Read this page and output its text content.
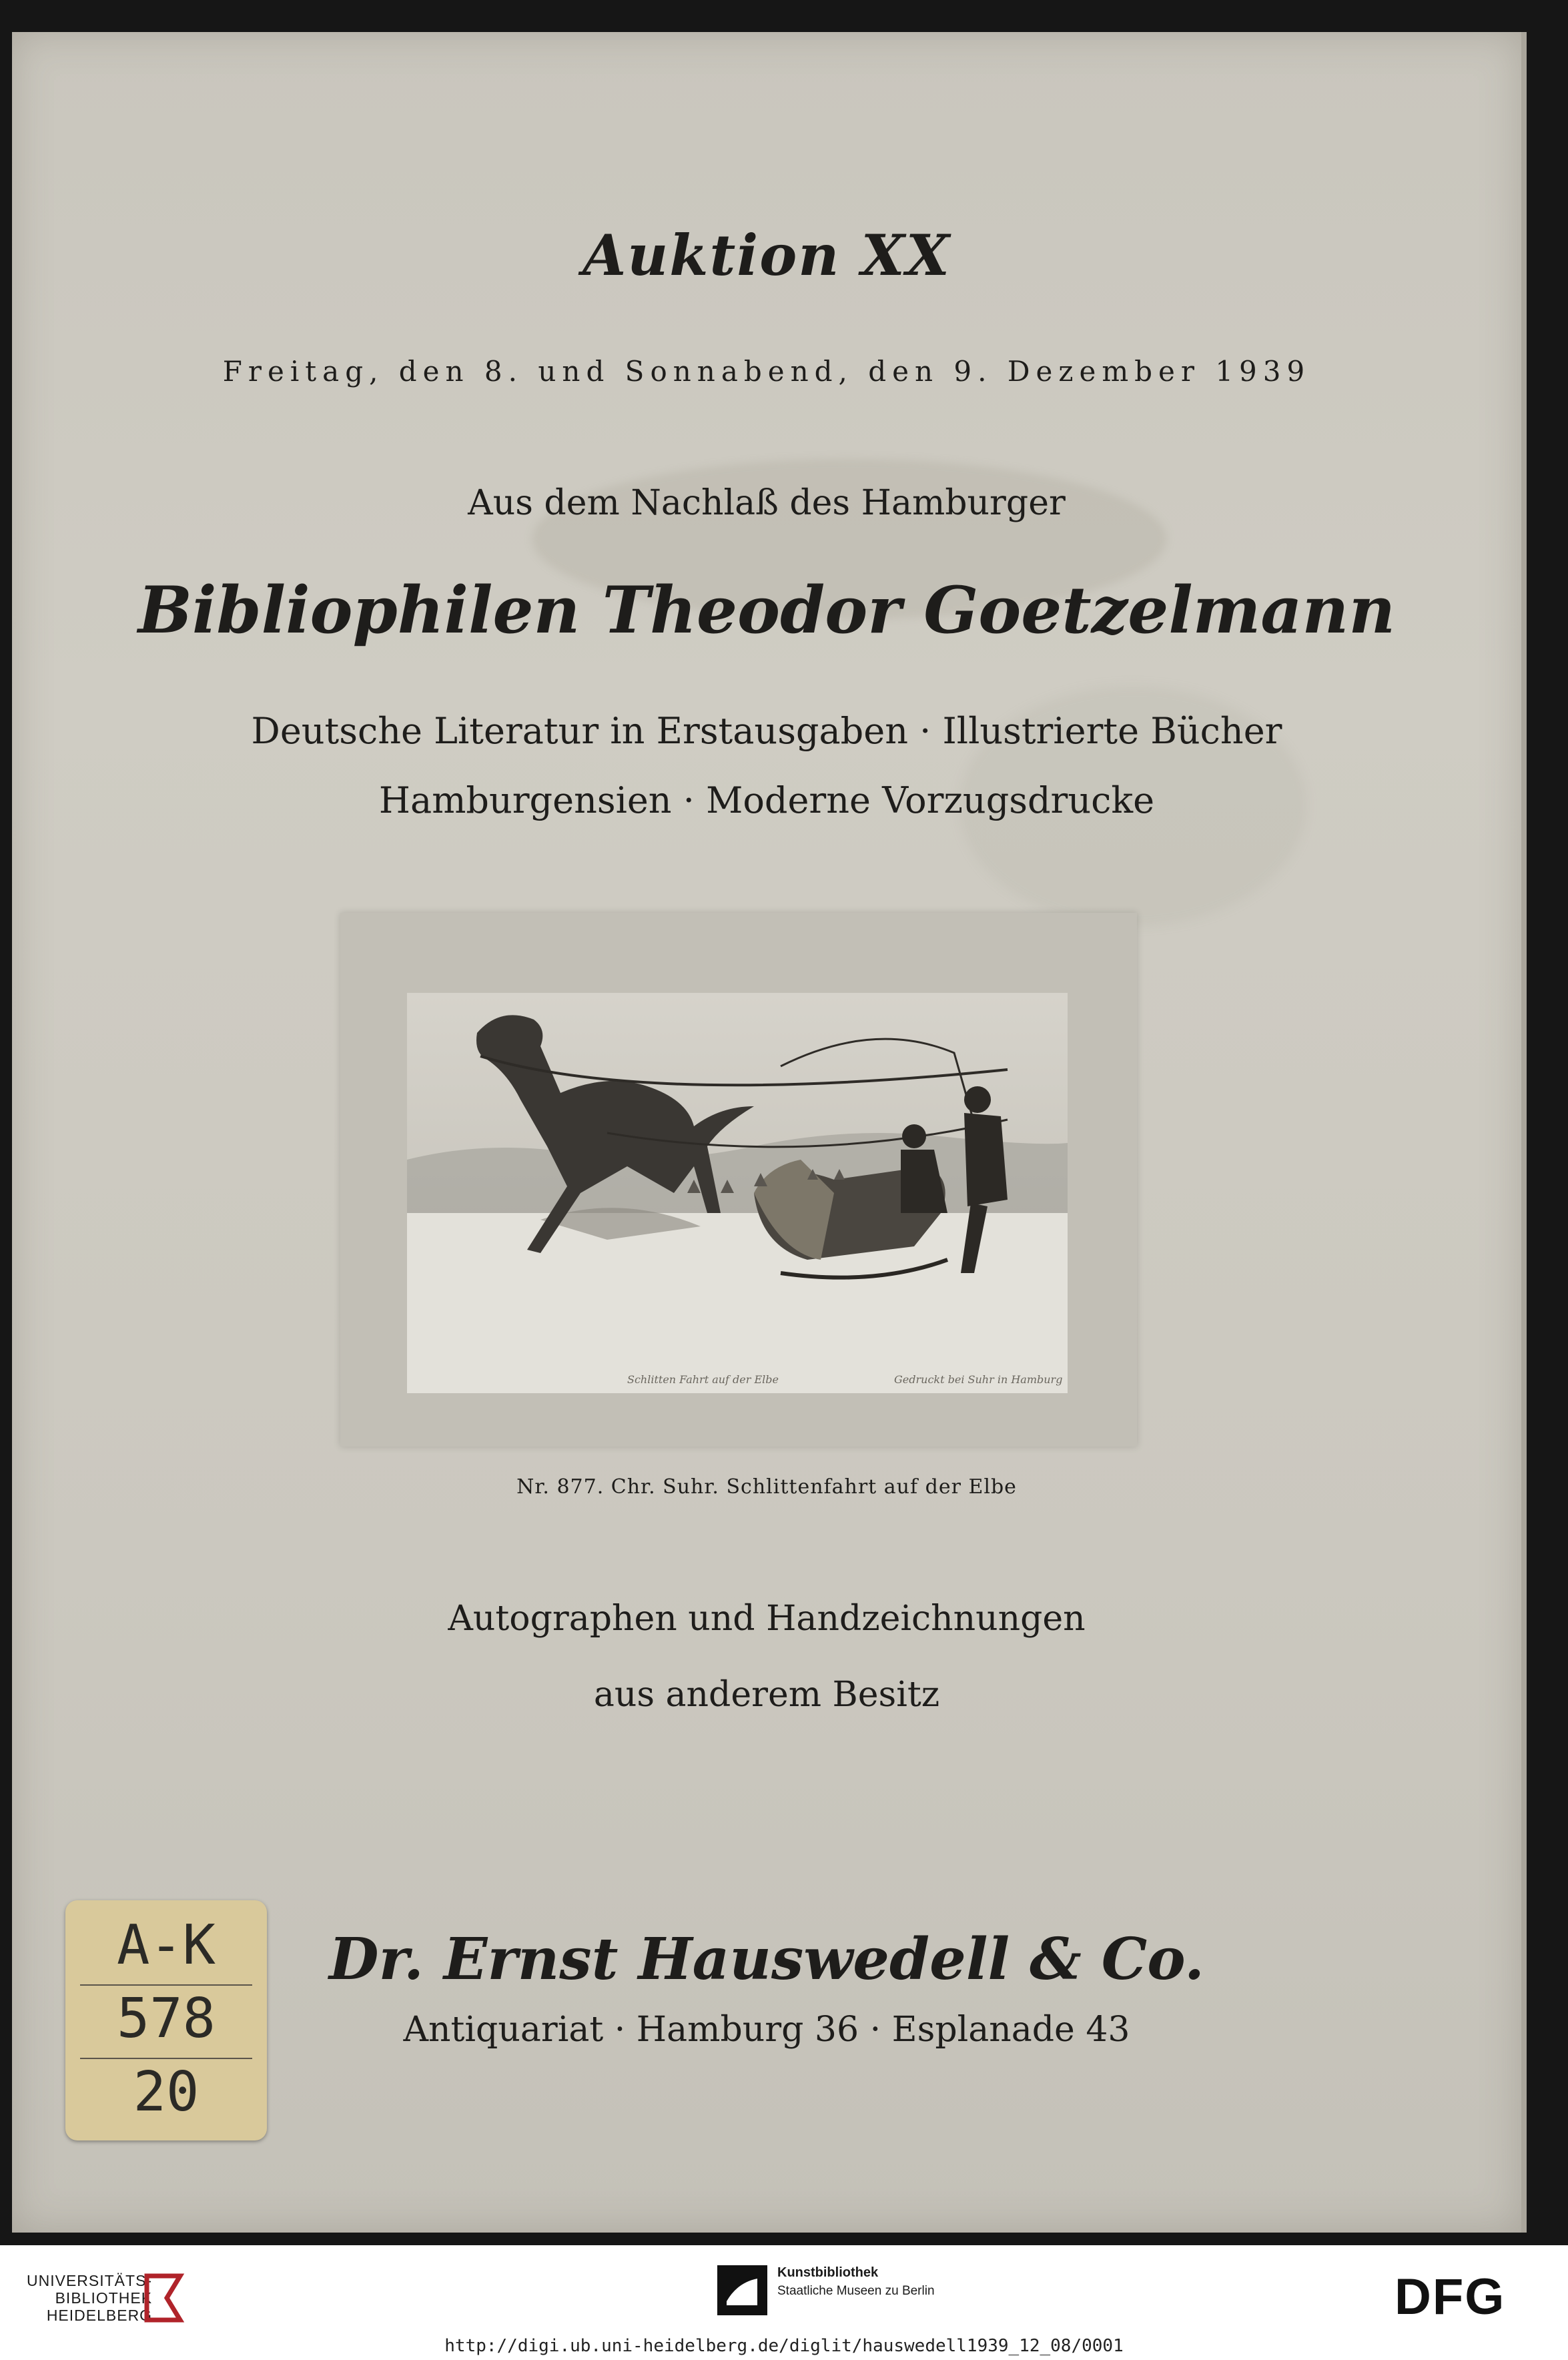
Auktion XX
Freitag, den 8. und Sonnabend, den 9. Dezember 1939
Aus dem Nachlaß des Hamburger
Bibliophilen Theodor Goetzelmann
Deutsche Literatur in Erstausgaben · Illustrierte Bücher
Hamburgensien · Moderne Vorzugsdrucke
Schlitten Fahrt auf der Elbe	Gedruckt bei Suhr in Hamburg
Nr. 877. Chr. Suhr. Schlittenfahrt auf der Elbe
Autographen und Handzeichnungen
aus anderem Besitz
Dr. Ernst Hauswedell & Co.
Antiquariat · Hamburg 36 · Esplanade 43
A-K
578
20
UNIVERSITÄTS-
BIBLIOTHEK
HEIDELBERG
Kunstbibliothek
Staatliche Museen zu Berlin	DFG
http://digi.ub.uni-heidelberg.de/diglit/hauswedell1939_12_08/0001
